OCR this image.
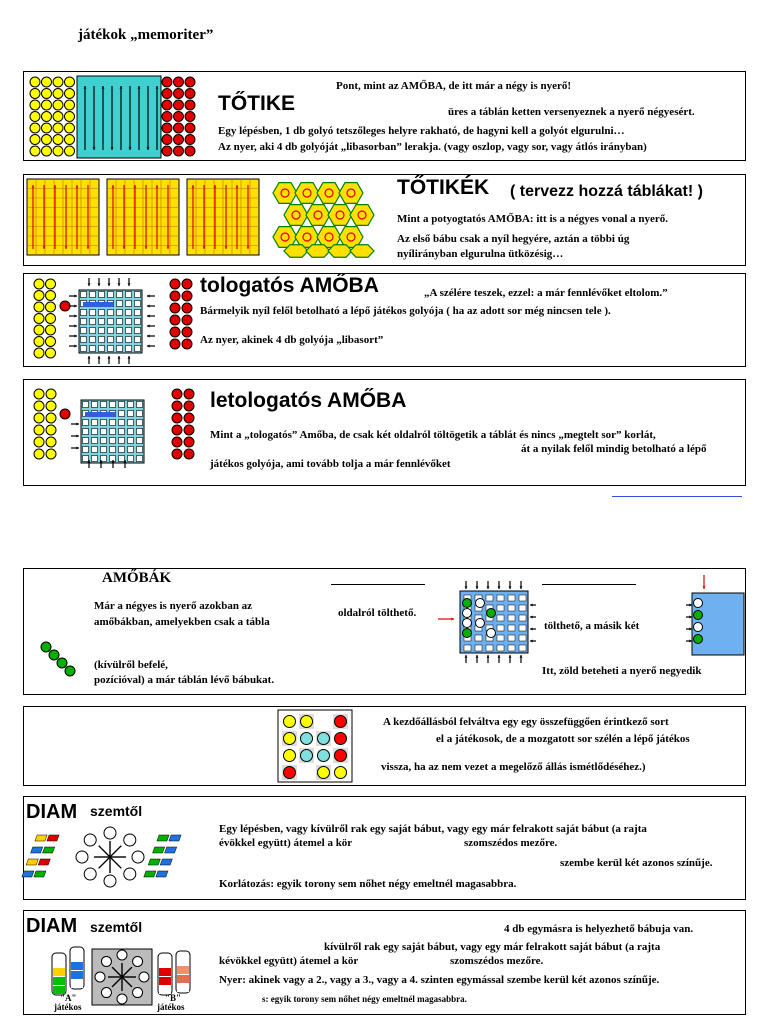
játékok „memoriter”
Pont, mint az AMŐBA, de itt már a négy is nyerő!
TŐTIKE	üres a táblán ketten versenyeznek a nyerő négyesért.
Egy lépésben, 1 db golyó tetszőleges helyre rakható, de hagyni kell a golyót elgurulni…
Az nyer, aki 4 db golyóját „libasorban” lerakja. (vagy oszlop, vagy sor, vagy átlós irányban)
TŐTIKÉK ( tervezz hozzá táblákat! )
Mint a potyogtatós AMŐBA: itt is a négyes vonal a nyerő.
Az első bábu csak a nyíl hegyére, aztán a többi úg
nyílirányban elgurulna ütközésig…
tologatós AMŐBA	„A szélére teszek, ezzel: a már fennlévőket eltolom.”
Bármelyik nyíl felől betolható a lépő játékos golyója ( ha az adott sor még nincsen tele ).
Az nyer, akinek 4 db golyója „libasort”
letologatós AMŐBA
Mint a „tologatós” Amőba, de csak két oldalról töltögetik a táblát és nincs „megtelt sor” korlát,
át a nyilak felől mindig betolható a lépő
játékos golyója, ami tovább tolja a már fennlévőket
AMŐBÁK
Már a négyes is nyerő azokban az
amőbákban, amelyekben csak a tábla
(kívülről befelé,
pozícióval) a már táblán lévő bábukat.
oldalról tölthető.
tölthető, a másik két
Itt, zöld beteheti a nyerő negyedik
A kezdőállásból felváltva egy egy összefüggően érintkező sort
el a játékosok, de a mozgatott sor szélén a lépő játékos
vissza, ha az nem vezet a megelőző állás ismétlődéséhez.)
DIAM szemtől
Egy lépésben, vagy kívülről rak egy saját bábut, vagy egy már felrakott saját bábut (a rajta
évökkel együtt) átemel a kör	szomszédos mezőre.
szembe kerül két azonos színűje.
Korlátozás: egyik torony sem nőhet négy emeltnél magasabbra.
DIAM szemtől
"A"
játékos
"B"
játékos
4 db egymásra is helyezhető bábuja van.
kívülről rak egy saját bábut, vagy egy már felrakott saját bábut (a rajta
kévökkel együtt) átemel a kör	szomszédos mezőre.
Nyer: akinek vagy a 2., vagy a 3., vagy a 4. szinten egymással szembe kerül két azonos színűje.
s: egyik torony sem nőhet négy emeltnél magasabbra.
